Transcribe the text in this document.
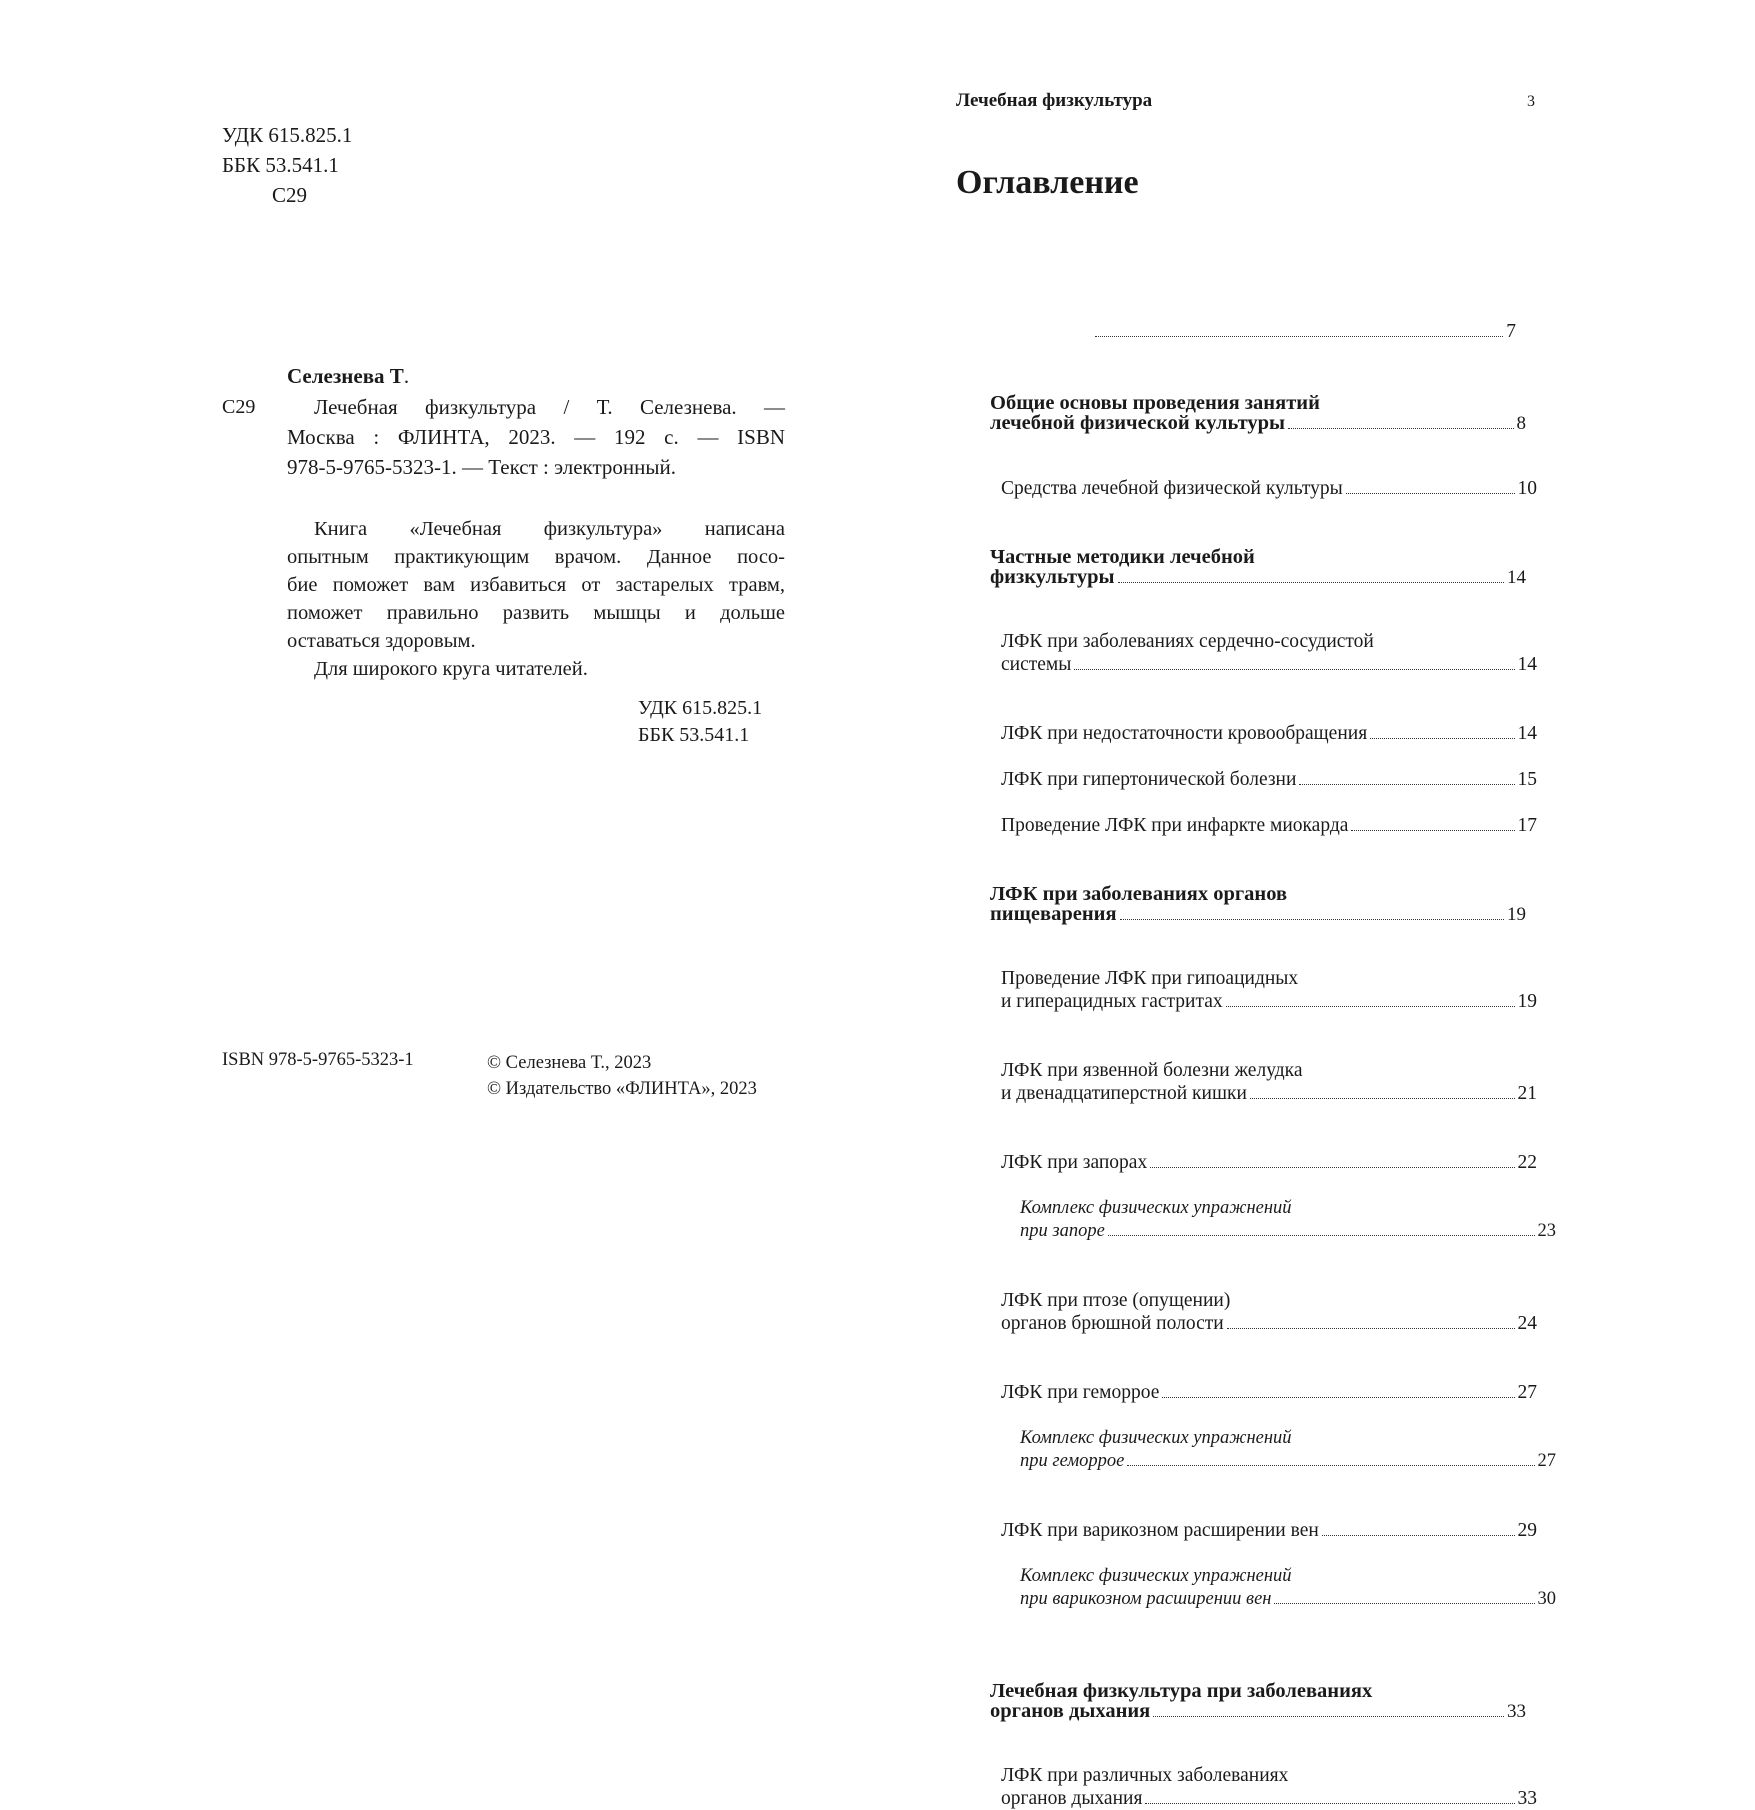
УДК 615.825.1
ББК 53.541.1
С29
Селезнева Т.
С29	Лечебная физкультура / Т. Селезнева. —
Москва : ФЛИНТА, 2023. — 192 с. — ISBN
978-5-9765-5323-1. — Текст : электронный.
Книга «Лечебная физкультура» написана
опытным практикующим врачом. Данное посо-
бие поможет вам избавиться от застарелых травм,
поможет правильно развить мышцы и дольше
оставаться здоровым.
Для широкого круга читателей.
УДК 615.825.1
ББК 53.541.1
ISBN 978-5-9765-5323-1	© Селезнева Т., 2023
© Издательство «ФЛИНТА», 2023
Лечебная физкультура	3
Оглавление
7
Общие основы проведения занятий
лечебной физической культуры	8
Средства лечебной физической культуры	10
Частные методики лечебной
физкультуры	14
ЛФК при заболеваниях сердечно-сосудистой
системы	14
ЛФК при недостаточности кровообращения	14
ЛФК при гипертонической болезни	15
Проведение ЛФК при инфаркте миокарда	17
ЛФК при заболеваниях органов
пищеварения	19
Проведение ЛФК при гипоацидных
и гиперацидных гастритах	19
ЛФК при язвенной болезни желудка
и двенадцатиперстной кишки	21
ЛФК при запорах	22
Комплекс физических упражнений
при запоре	23
ЛФК при птозе (опущении)
органов брюшной полости	24
ЛФК при геморрое	27
Комплекс физических упражнений
при геморрое	27
ЛФК при варикозном расширении вен	29
Комплекс физических упражнений
при варикозном расширении вен	30
Лечебная физкультура при заболеваниях
органов дыхания	33
ЛФК при различных заболеваниях
органов дыхания	33
